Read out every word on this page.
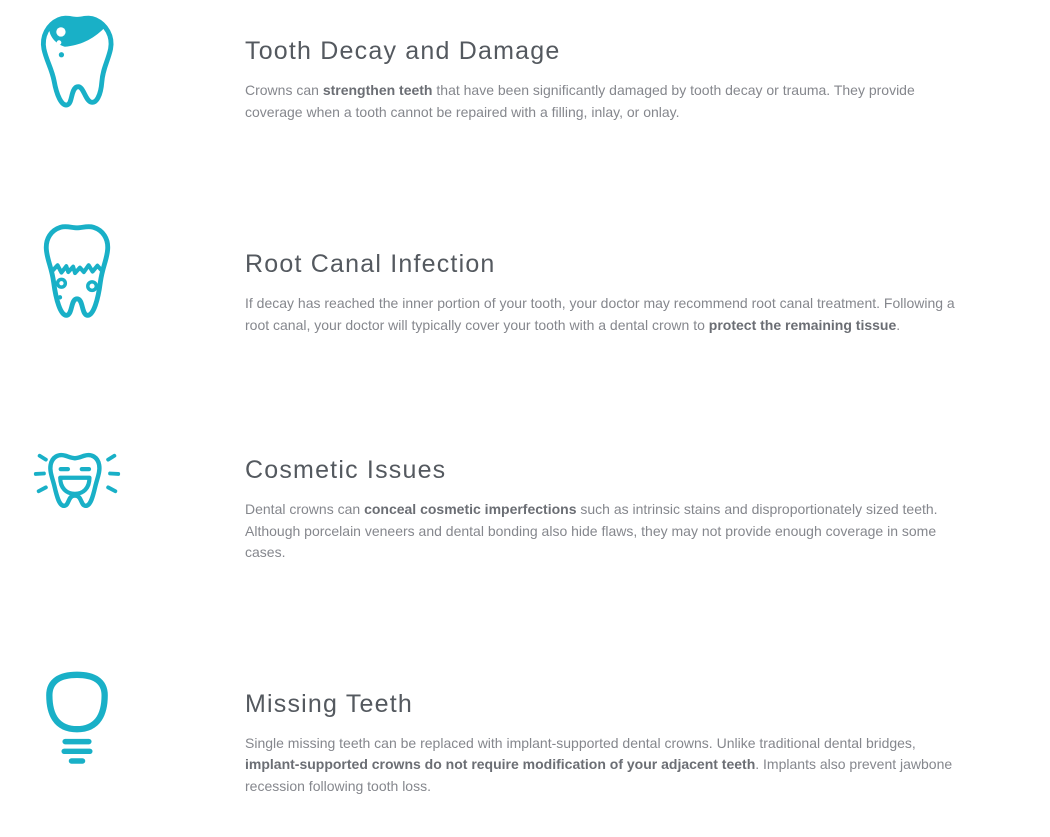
Tooth Decay and Damage

Crowns can strengthen teeth that have been significantly damaged by tooth decay or trauma. They provide coverage when a tooth cannot be repaired with a filling, inlay, or onlay.

Root Canal Infection

If decay has reached the inner portion of your tooth, your doctor may recommend root canal treatment. Following a root canal, your doctor will typically cover your tooth with a dental crown to protect the remaining tissue.

Cosmetic Issues

Dental crowns can conceal cosmetic imperfections such as intrinsic stains and disproportionately sized teeth. Although porcelain veneers and dental bonding also hide flaws, they may not provide enough coverage in some cases.

Missing Teeth

Single missing teeth can be replaced with implant-supported dental crowns. Unlike traditional dental bridges, implant-supported crowns do not require modification of your adjacent teeth. Implants also prevent jawbone recession following tooth loss.
